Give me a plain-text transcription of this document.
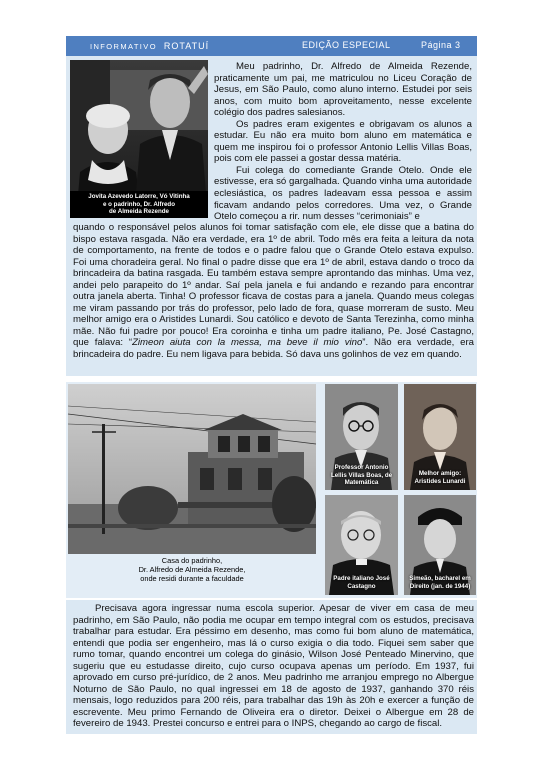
INFORMATIVO ROTATUÍ	EDIÇÃO ESPECIAL	Página 3
Jovita Azevedo Latorre, Vó Vitinha
e o padrinho, Dr. Alfredo
de Almeida Rezende

Meu padrinho, Dr. Alfredo de Almeida Rezende, praticamente um pai, me matriculou no Liceu Coração de Jesus, em São Paulo, como aluno interno. Estudei por seis anos, com muito bom aproveitamento, nesse excelente colégio dos padres salesianos.

Os padres eram exigentes e obrigavam os alunos a estudar. Eu não era muito bom aluno em matemática e quem me inspirou foi o professor Antonio Lellis Villas Boas, pois com ele passei a gostar dessa matéria.

Fui colega do comediante Grande Otelo. Onde ele estivesse, era só gargalhada. Quando vinha uma autoridade eclesiástica, os padres ladeavam essa pessoa e assim ficavam andando pelos corredores. Uma vez, o Grande Otelo começou a rir. num desses “cerimoniais” e

quando o responsável pelos alunos foi tomar satisfação com ele, ele disse que a batina do bispo estava rasgada. Não era verdade, era 1º de abril. Todo mês era feita a leitura da nota de comportamento, na frente de todos e o padre falou que o Grande Otelo estava expulso. Foi uma choradeira geral. No final o padre disse que era 1º de abril, estava dando o troco da brincadeira da batina rasgada. Eu também estava sempre aprontando das minhas. Uma vez, andei pelo parapeito do 1º andar. Saí pela janela e fui andando e rezando para encontrar outra janela aberta. Tinha! O professor ficava de costas para a janela. Quando meus colegas me viram passando por trás do professor, pelo lado de fora, quase morreram de susto. Meu melhor amigo era o Aristides Lunardi. Sou católico e devoto de Santa Terezinha, como minha mãe. Não fui padre por pouco! Era coroinha e tinha um padre italiano, Pe. José Castagno, que falava: “Zimeon aiuta con la messa, ma beve il mio vino”. Não era verdade, era brincadeira do padre. Eu nem ligava para bebida. Só dava uns golinhos de vez em quando.

Casa do padrinho,
Dr. Alfredo de Almeida Rezende,
onde residi durante a faculdade
Professor Antonio
Lellis Villas Boas, de
Matemática
Melhor amigo:
Aristides Lunardi
Padre italiano José
Castagno
Simeão, bacharel em
Direito (jan. de 1944)

Precisava agora ingressar numa escola superior. Apesar de viver em casa de meu padrinho, em São Paulo, não podia me ocupar em tempo integral com os estudos, precisava trabalhar para estudar. Era péssimo em desenho, mas como fui bom aluno de matemática, entendi que podia ser engenheiro, mas lá o curso exigia o dia todo. Fiquei sem saber que rumo tomar, quando encontrei um colega do ginásio, Wilson José Penteado Minervino, que sugeriu que eu estudasse direito, cujo curso ocupava apenas um período. Em 1937, fui aprovado em curso pré-jurídico, de 2 anos. Meu padrinho me arranjou emprego no Albergue Noturno de São Paulo, no qual ingressei em 18 de agosto de 1937, ganhando 370 réis mensais, logo reduzidos para 200 réis, para trabalhar das 19h às 20h e exercer a função de escrevente. Meu primo Fernando de Oliveira era o diretor. Deixei o Albergue em 28 de fevereiro de 1943. Prestei concurso e entrei para o INPS, chegando ao cargo de fiscal.
